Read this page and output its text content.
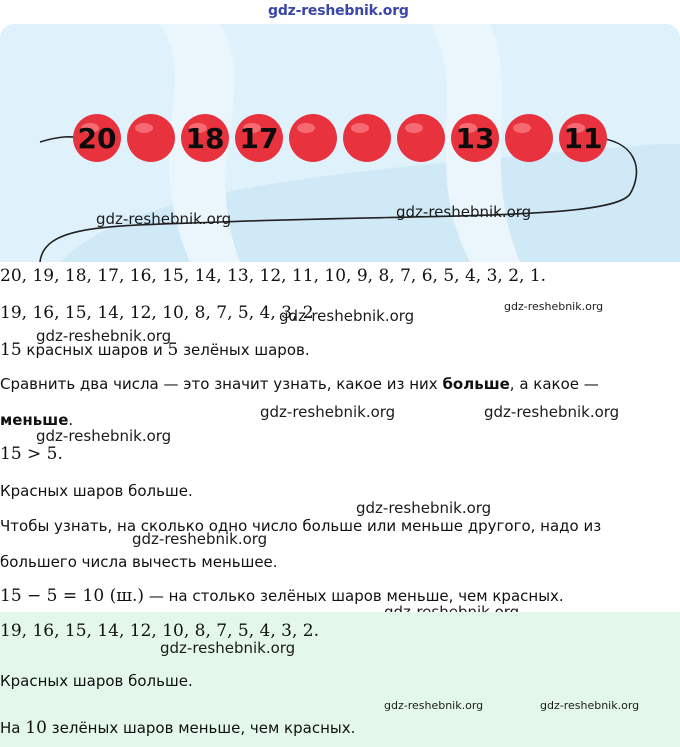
gdz-reshebnik.org
20 18 17	13 11
gdz-reshebnik.org	gdz-reshebnik.org
20, 19, 18, 17, 16, 15, 14, 13, 12, 11, 10, 9, 8, 7, 6, 5, 4, 3, 2, 1.
19, 16, 15, 14, 12, 10, 8, 7, 5, 4, 3, 2
gdz-reshebnik.org
gdz-reshebnik.org
gdz-reshebnik.org
15 красных шаров и 5 зелёных шаров.
Сравнить два числа — это значит узнать, какое из них больше, а какое —
меньше.	gdz-reshebnik.org	gdz-reshebnik.org
gdz-reshebnik.org
15 > 5.
Красных шаров больше.
gdz-reshebnik.org
Чтобы узнать, на сколько одно число больше или меньше другого, надо из
gdz-reshebnik.org
большего числа вычесть меньшее.
15 − 5 = 10 (ш.) — на столько зелёных шаров меньше, чем красных.
19, 16, 15, 14, 12, 10, 8, 7, 5, 4, 3, 2.
gdz-reshebnik.org
Красных шаров больше.
gdz-reshebnik.org	gdz-reshebnik.org
На 10 зелёных шаров меньше, чем красных.
